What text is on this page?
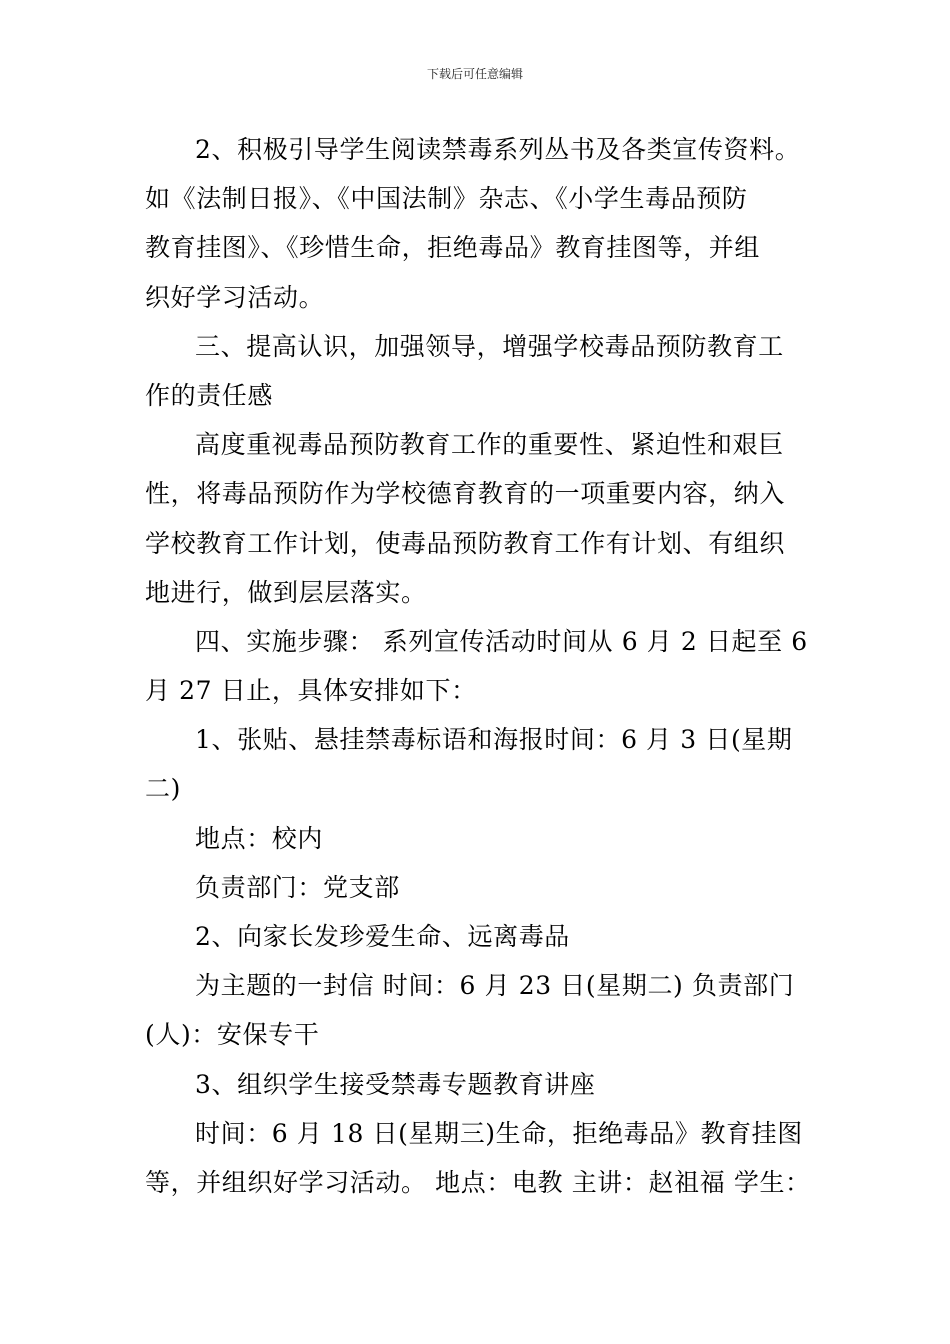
下载后可任意编辑
2、积极引导学生阅读禁毒系列丛书及各类宣传资料。
如《法制日报》、《中国法制》杂志、《小学生毒品预防
教育挂图》、《珍惜生命，拒绝毒品》教育挂图等，并组
织好学习活动。
三、提高认识，加强领导，增强学校毒品预防教育工
作的责任感
高度重视毒品预防教育工作的重要性、紧迫性和艰巨
性，将毒品预防作为学校德育教育的一项重要内容，纳入
学校教育工作计划，使毒品预防教育工作有计划、有组织
地进行，做到层层落实。
四、实施步骤： 系列宣传活动时间从 6 月 2 日起至 6
月 27 日止，具体安排如下：
1、张贴、悬挂禁毒标语和海报时间：6 月 3 日(星期
二)
地点：校内
负责部门：党支部
2、向家长发珍爱生命、远离毒品
为主题的一封信 时间：6 月 23 日(星期二) 负责部门
(人)：安保专干
3、组织学生接受禁毒专题教育讲座
时间：6 月 18 日(星期三)生命，拒绝毒品》教育挂图
等，并组织好学习活动。 地点：电教 主讲：赵祖福 学生：
